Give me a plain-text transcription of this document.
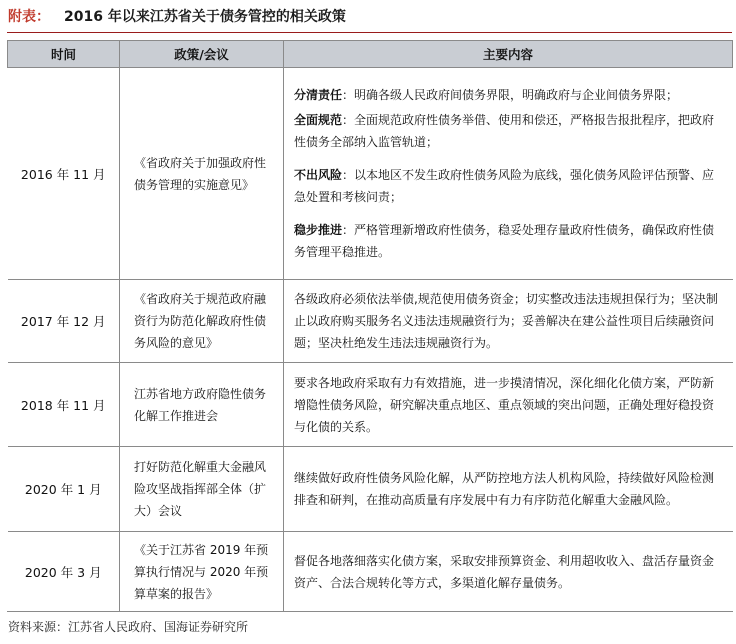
附表： 2016 年以来江苏省关于债务管控的相关政策
时间	政策/会议	主要内容
2016 年 11 月	《省政府关于加强政府性债务管理的实施意见》	分清责任：明确各级人民政府间债务界限，明确政府与企业间债务界限；
全面规范：全面规范政府性债务举借、使用和偿还，严格报告报批程序，把政府性债务全部纳入监管轨道；
不出风险：以本地区不发生政府性债务风险为底线，强化债务风险评估预警、应急处置和考核问责；
稳步推进：严格管理新增政府性债务，稳妥处理存量政府性债务，确保政府性债务管理平稳推进。

2017 年 12 月	《省政府关于规范政府融资行为防范化解政府性债务风险的意见》	各级政府必须依法举债,规范使用债务资金；切实整改违法违规担保行为；坚决制止以政府购买服务名义违法违规融资行为；妥善解决在建公益性项目后续融资问题；坚决杜绝发生违法违规融资行为。

2018 年 11 月	江苏省地方政府隐性债务化解工作推进会	要求各地政府采取有力有效措施，进一步摸清情况，深化细化化债方案，严防新增隐性债务风险，研究解决重点地区、重点领域的突出问题，正确处理好稳投资与化债的关系。

2020 年 1 月	打好防范化解重大金融风险攻坚战指挥部全体（扩大）会议	继续做好政府性债务风险化解，从严防控地方法人机构风险，持续做好风险检测排查和研判，在推动高质量有序发展中有力有序防范化解重大金融风险。

2020 年 3 月	《关于江苏省 2019 年预算执行情况与 2020 年预算草案的报告》	督促各地落细落实化债方案，采取安排预算资金、利用超收收入、盘活存量资金资产、合法合规转化等方式，多渠道化解存量债务。
资料来源：江苏省人民政府、国海证券研究所
